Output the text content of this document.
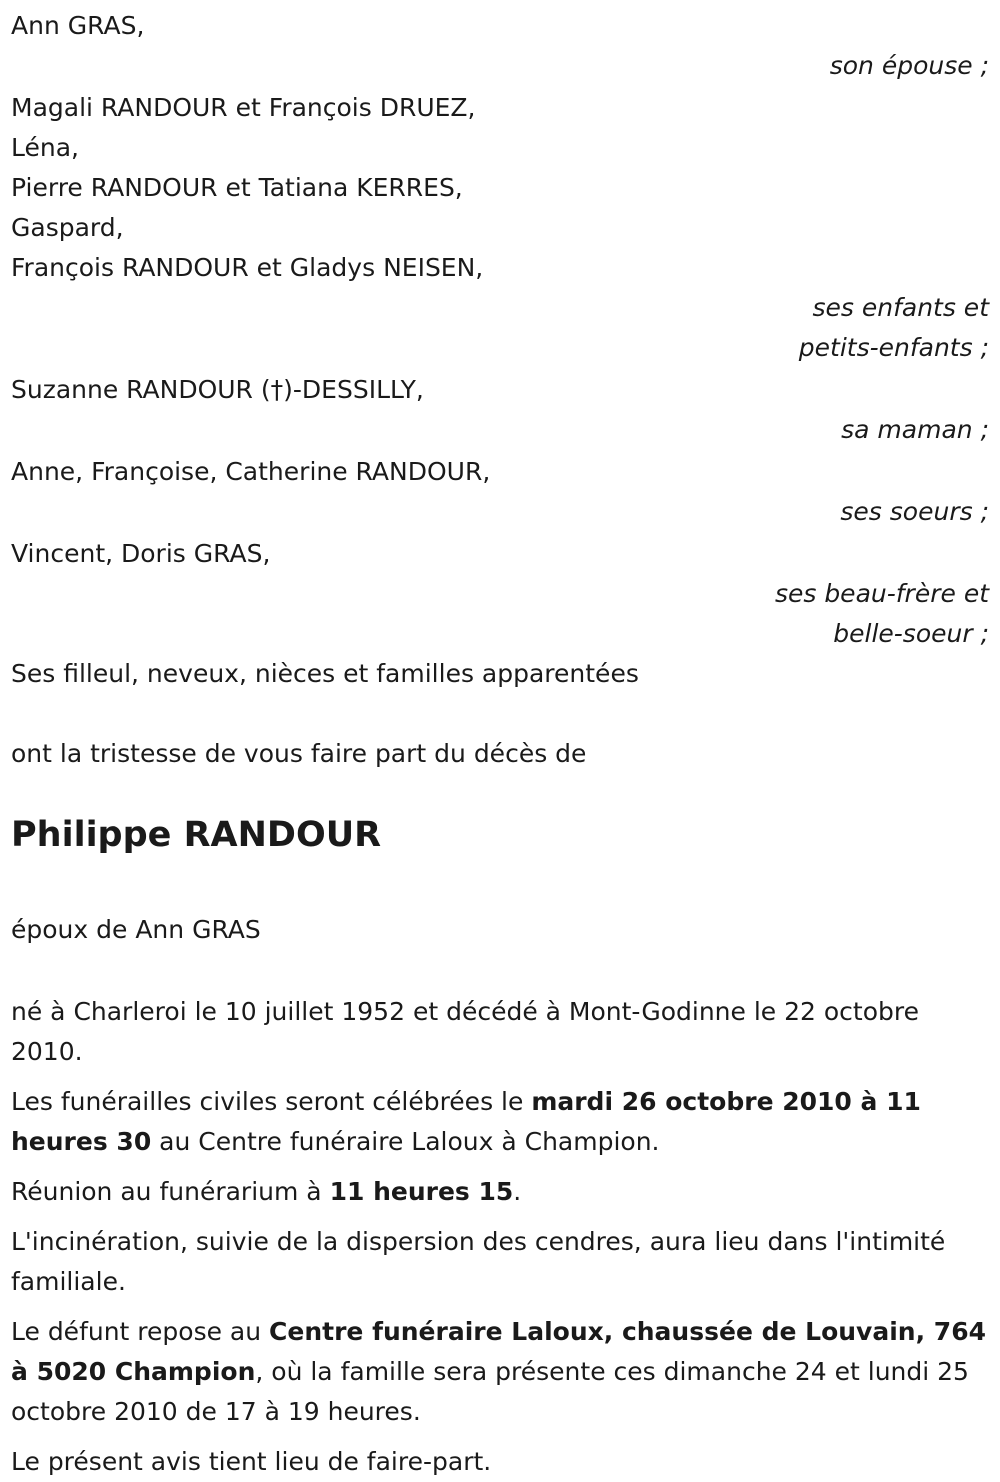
Ann GRAS,
son épouse ;
Magali RANDOUR et François DRUEZ,
Léna,
Pierre RANDOUR et Tatiana KERRES,
Gaspard,
François RANDOUR et Gladys NEISEN,
ses enfants et
petits-enfants ;
Suzanne RANDOUR (†)-DESSILLY,
sa maman ;
Anne, Françoise, Catherine RANDOUR,
ses soeurs ;
Vincent, Doris GRAS,
ses beau-frère et
belle-soeur ;
Ses filleul, neveux, nièces et familles apparentées
ont la tristesse de vous faire part du décès de
Philippe RANDOUR
époux de Ann GRAS
né à Charleroi le 10 juillet 1952 et décédé à Mont-Godinne le 22 octobre 2010.
Les funérailles civiles seront célébrées le mardi 26 octobre 2010 à 11 heures 30 au Centre funéraire Laloux à Champion.
Réunion au funérarium à 11 heures 15.
L'incinération, suivie de la dispersion des cendres, aura lieu dans l'intimité familiale.
Le défunt repose au Centre funéraire Laloux, chaussée de Louvain, 764 à 5020 Champion, où la famille sera présente ces dimanche 24 et lundi 25 octobre 2010 de 17 à 19 heures.
Le présent avis tient lieu de faire-part.
